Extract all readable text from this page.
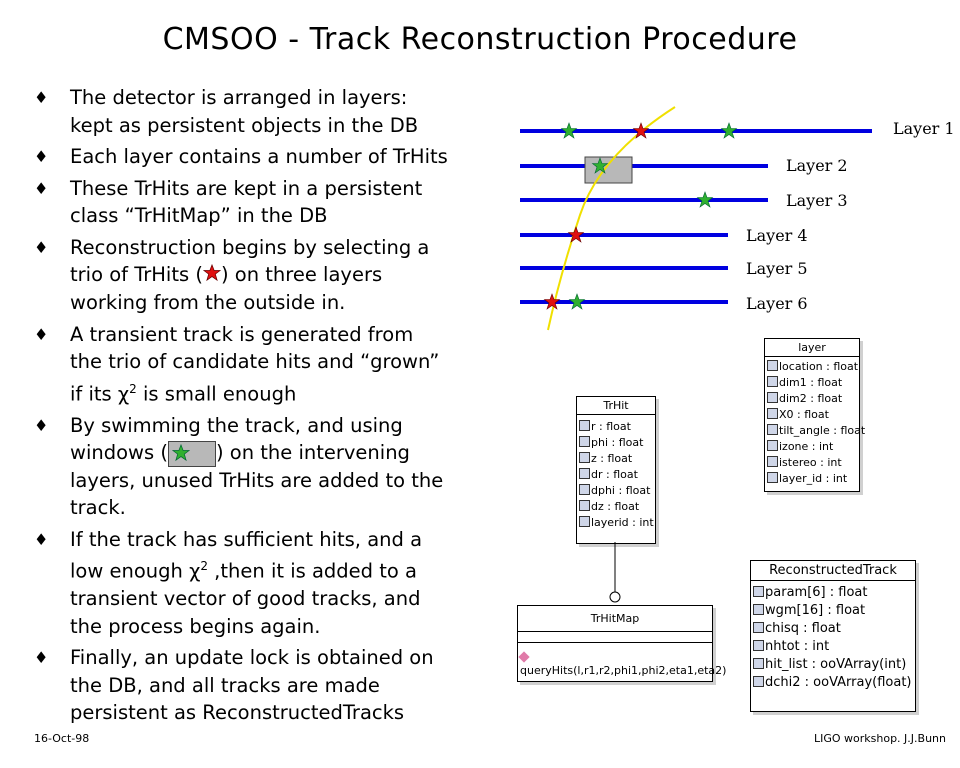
CMSOO - Track Reconstruction Procedure
♦ The detector is arranged in layers:
kept as persistent objects in the DB
♦ Each layer contains a number of TrHits
♦ These TrHits are kept in a persistent
class “TrHitMap” in the DB
♦ Reconstruction begins by selecting a
trio of TrHits ( ) on three layers
working from the outside in.
♦ A transient track is generated from
the trio of candidate hits and “grown”
if its $\chi^2$ is small enough
♦ By swimming the track, and using
windows ( ) on the intervening
layers, unused TrHits are added to the
track.
♦ If the track has sufficient hits, and a
low enough $\chi^2$ ,then it is added to a
transient vector of good tracks, and
the process begins again.
♦ Finally, an update lock is obtained on
the DB, and all tracks are made
persistent as ReconstructedTracks
Layer 1
Layer 2
Layer 3
Layer 4
Layer 5
Layer 6
layer
location : float
dim1 : float
dim2 : float
X0 : float
tilt_angle : float
izone : int
istereo : int
layer_id : int
TrHit
r : float
phi : float
z : float
dr : float
dphi : float
dz : float
layerid : int
TrHitMap
queryHits(l,r1,r2,phi1,phi2,eta1,eta2)
ReconstructedTrack
param[6] : float
wgm[16] : float
chisq : float
nhtot : int
hit_list : ooVArray(int)
dchi2 : ooVArray(float)
16-Oct-98	LIGO workshop. J.J.Bunn
